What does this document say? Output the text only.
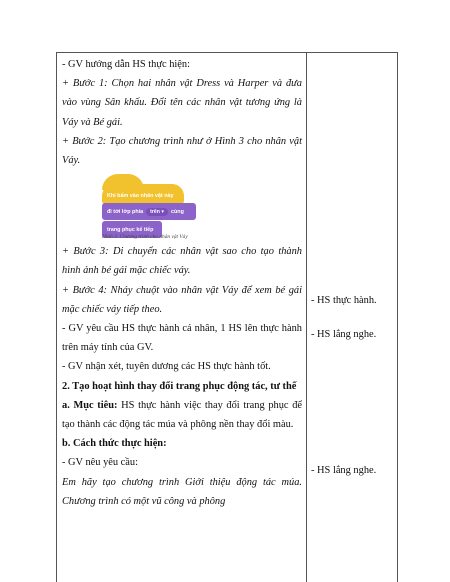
- GV hướng dẫn HS thực hiện:

+ Bước 1: Chọn hai nhân vật Dress và Harper và đưa vào vùng Sân khấu. Đổi tên các nhân vật tương ứng là Váy và Bé gái.

+ Bước 2: Tạo chương trình như ở Hình 3 cho nhân vật Váy.

Khi bấm vào nhân vật này
đi tới lớp phía	trên ▾	cùng
trang phục kế tiếp
Hình 3. Chương trình cho nhân vật Váy

+ Bước 3: Di chuyển các nhân vật sao cho tạo thành hình ảnh bé gái mặc chiếc váy.

+ Bước 4: Nháy chuột vào nhân vật Váy để xem bé gái mặc chiếc váy tiếp theo.

- GV yêu cầu HS thực hành cá nhân, 1 HS lên thực hành trên máy tính của GV.

- GV nhận xét, tuyên dương các HS thực hành tốt.

2. Tạo hoạt hình thay đổi trang phục động tác, tư thế

a. Mục tiêu: HS thực hành việc thay đổi trang phục để tạo thành các động tác múa và phông nền thay đổi màu.

b. Cách thức thực hiện:

- GV nêu yêu cầu:

Em hãy tạo chương trình Giới thiệu động tác múa. Chương trình có một vũ công và phông

- HS thực hành.
- HS lắng nghe.
- HS lắng nghe.
